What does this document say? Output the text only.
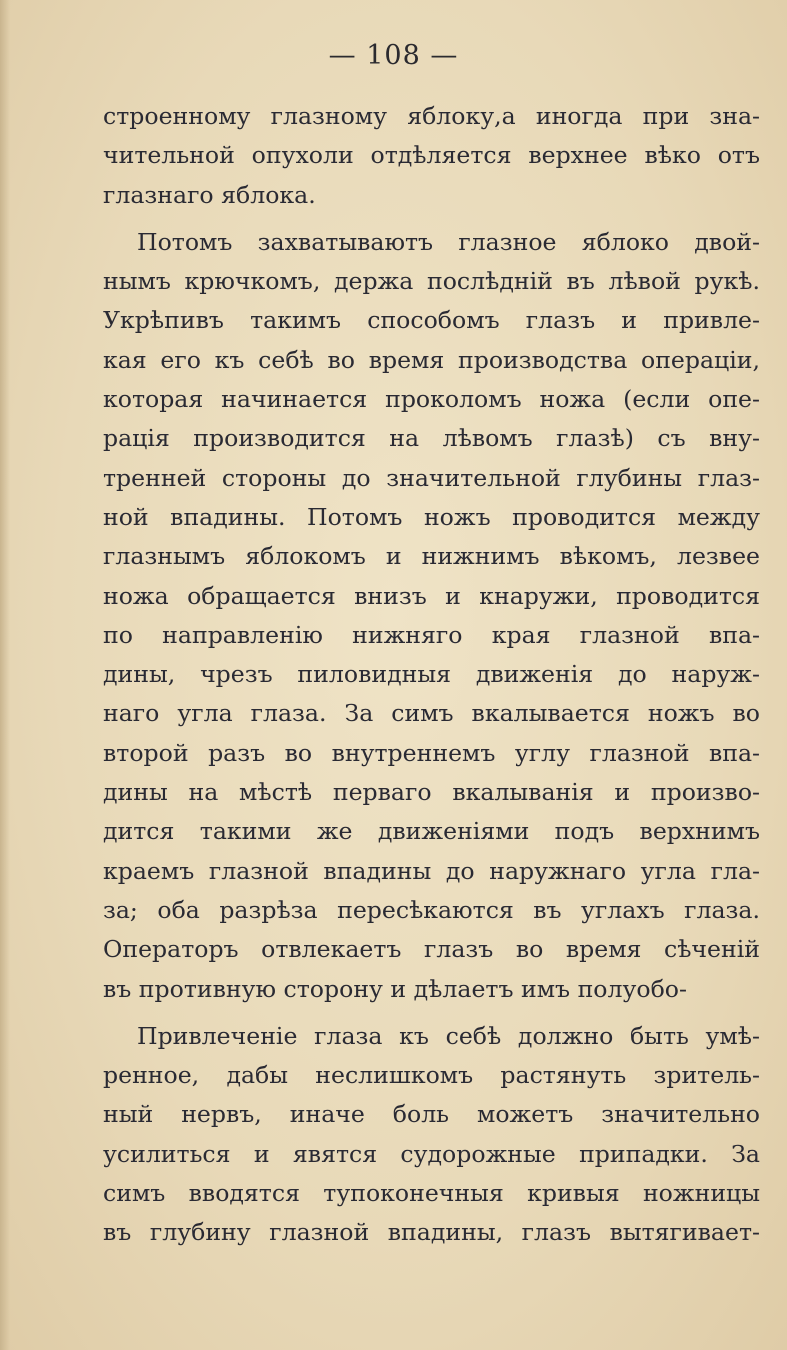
— 108 —
строенному глазному яблоку,а иногда при зна-
чительной опухоли отдѣляется верхнее вѣко отъ
глазнаго яблока.
Потомъ захватываютъ глазное яблоко двой-
нымъ крючкомъ, держа послѣднiй въ лѣвой рукѣ.
Укрѣпивъ такимъ способомъ глазъ и привле-
кая его къ себѣ во время производства операцiи,
которая начинается проколомъ ножа (если опе-
рацiя производится на лѣвомъ глазѣ) съ вну-
тренней стороны до значительной глубины глаз-
ной впадины. Потомъ ножъ проводится между
глазнымъ яблокомъ и нижнимъ вѣкомъ, лезвее
ножа обращается внизъ и кнаружи, проводится
по направленiю нижняго края глазной впа-
дины, чрезъ пиловидныя движенiя до наруж-
наго угла глаза. За симъ вкалывается ножъ во
второй разъ во внутреннемъ углу глазной впа-
дины на мѣстѣ перваго вкалыванiя и произво-
дится такими же движенiями подъ верхнимъ
краемъ глазной впадины до наружнаго угла гла-
за; оба разрѣза пересѣкаются въ углахъ глаза.
Операторъ отвлекаетъ глазъ во время сѣченiй
въ противную сторону и дѣлаетъ имъ полуобо-
Привлеченiе глаза къ себѣ должно быть умѣ-
ренное, дабы неслишкомъ растянуть зритель-
ный нервъ, иначе боль можетъ значительно
усилиться и явятся судорожные припадки. За
симъ вводятся тупоконечныя кривыя ножницы
въ глубину глазной впадины, глазъ вытягивает-
